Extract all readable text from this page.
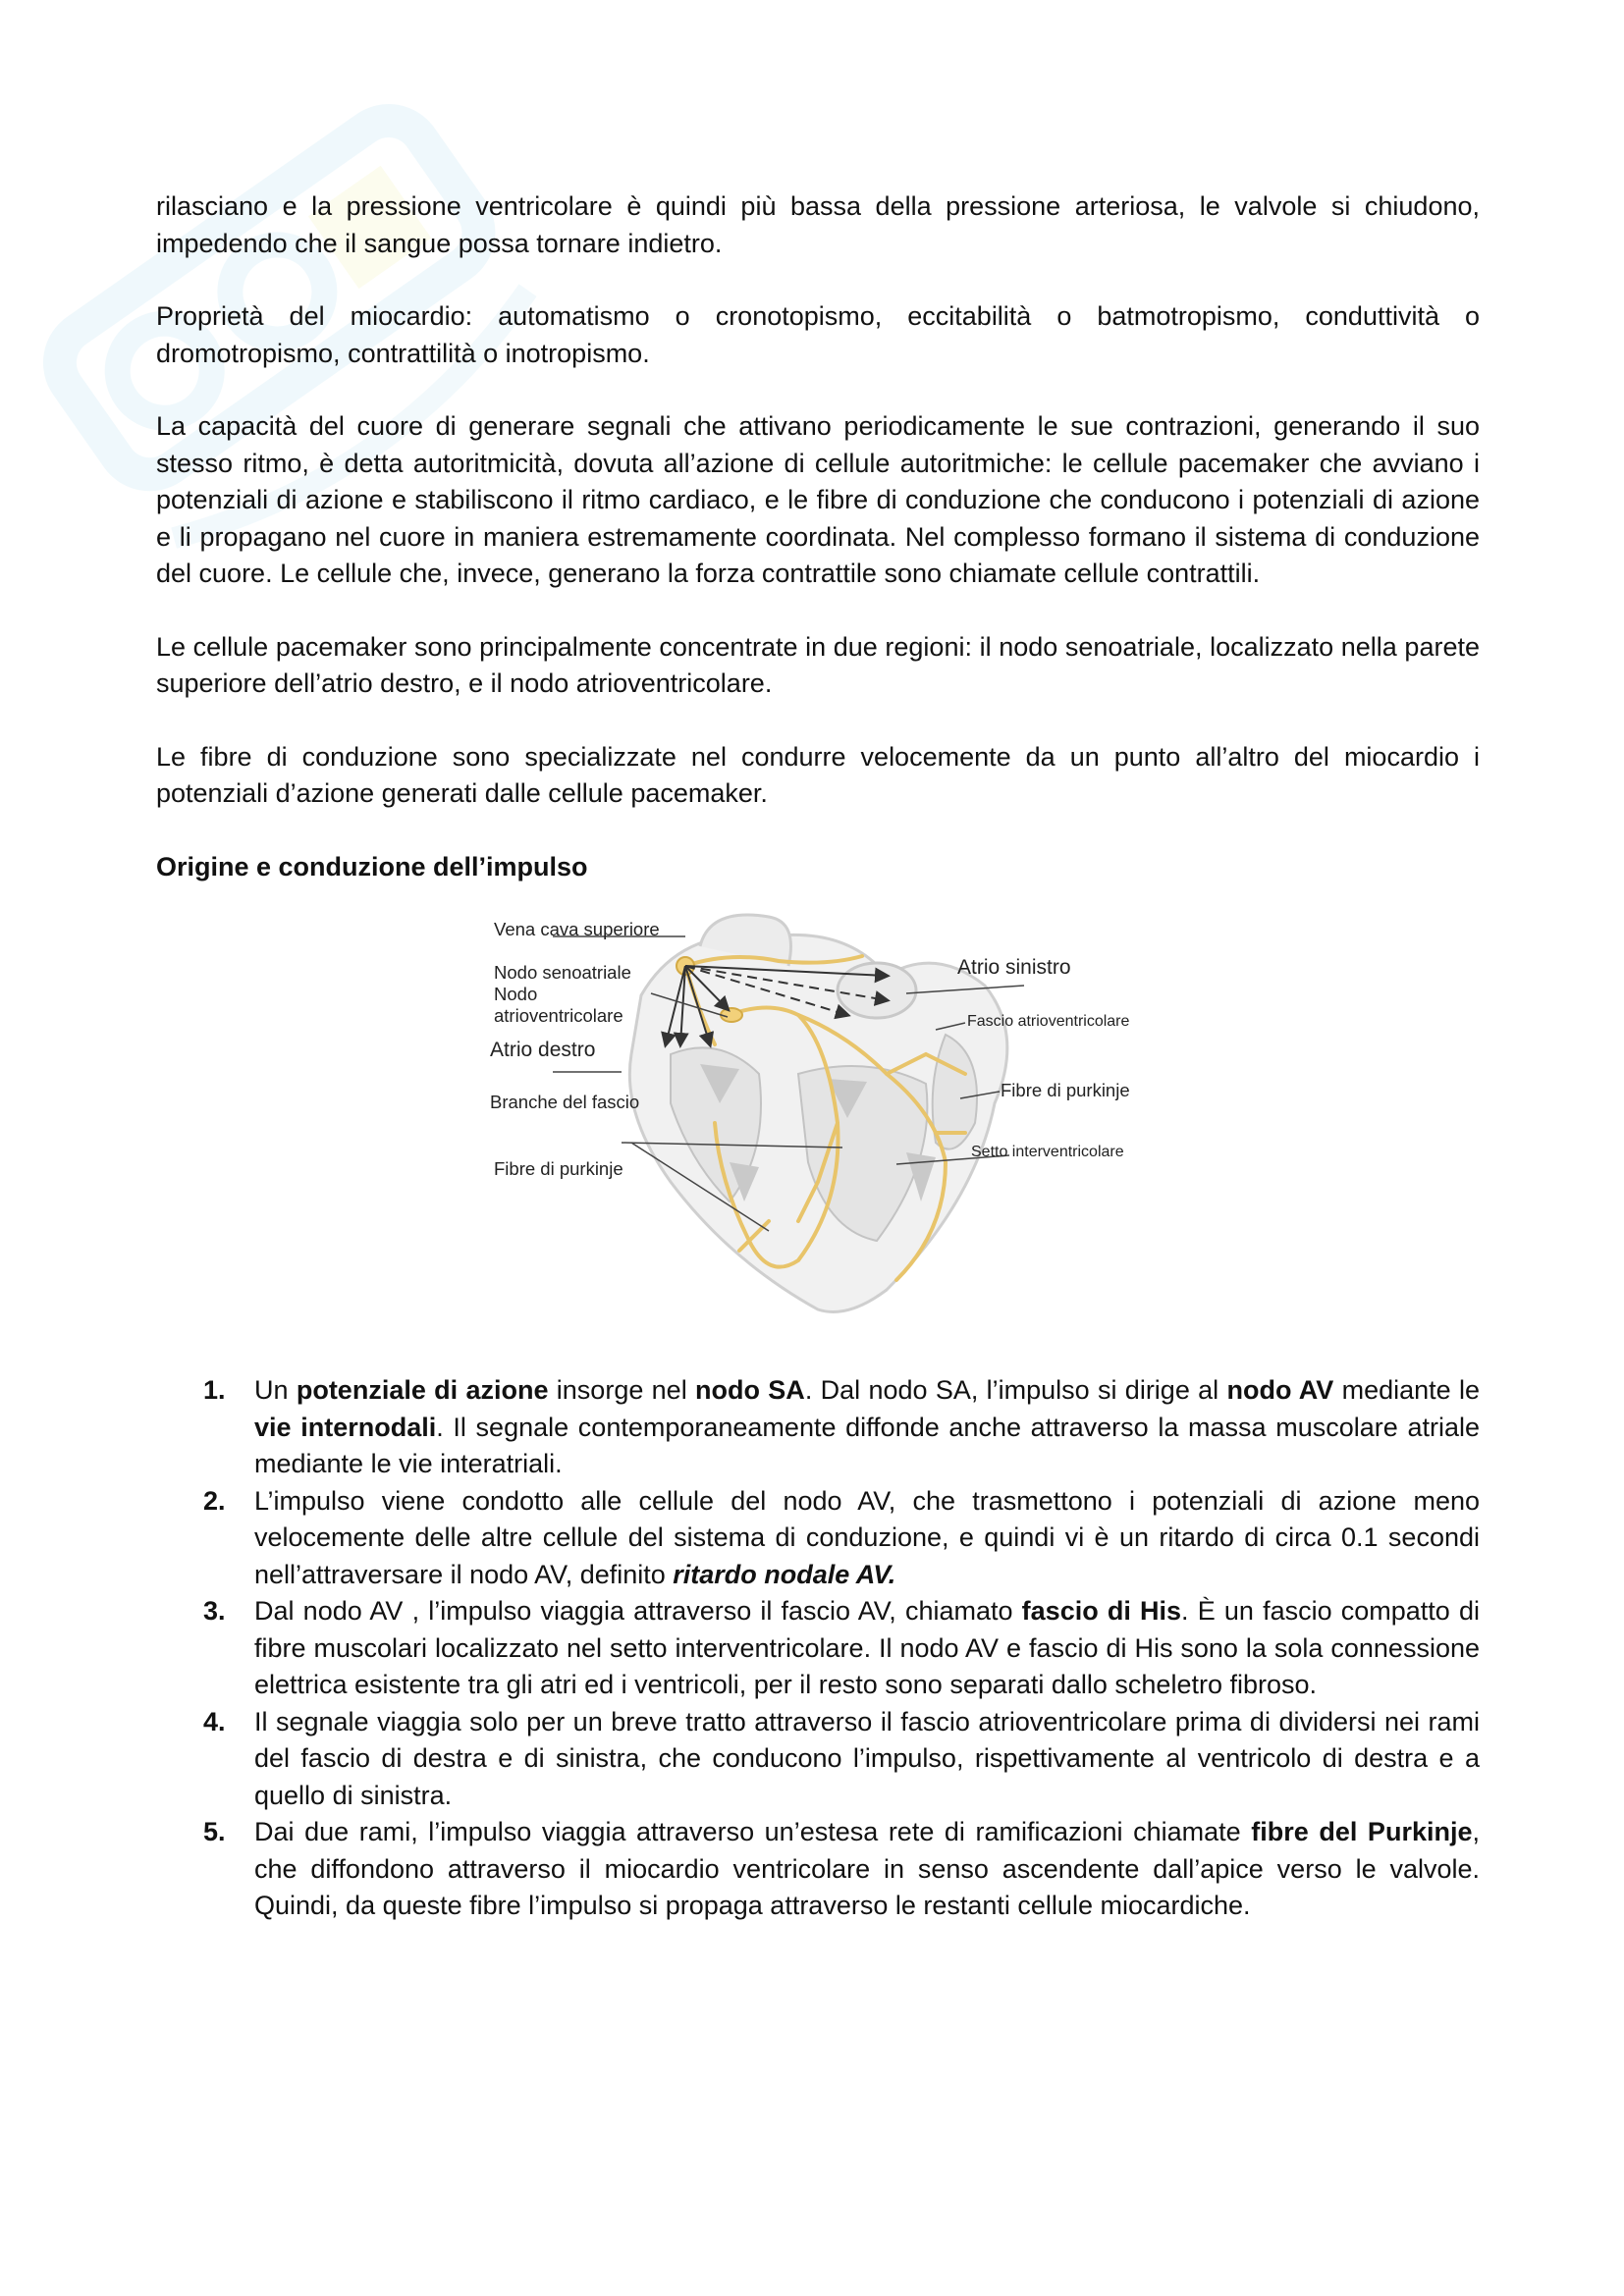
rilasciano e la pressione ventricolare è quindi più bassa della pressione arteriosa, le valvole si chiudono, impedendo che il sangue possa tornare indietro.

Proprietà del miocardio: automatismo o cronotopismo, eccitabilità o batmotropismo, conduttività o dromotropismo, contrattilità o inotropismo.

La capacità del cuore di generare segnali che attivano periodicamente le sue contrazioni, generando il suo stesso ritmo, è detta autoritmicità, dovuta all’azione di cellule autoritmiche: le cellule pacemaker che avviano i potenziali di azione e stabiliscono il ritmo cardiaco, e le fibre di conduzione che conducono i potenziali di azione e li propagano nel cuore in maniera estremamente coordinata. Nel complesso formano il sistema di conduzione del cuore. Le cellule che, invece, generano la forza contrattile sono chiamate cellule contrattili.

Le cellule pacemaker sono principalmente concentrate in due regioni: il nodo senoatriale, localizzato nella parete superiore dell’atrio destro, e il nodo atrioventricolare.

Le fibre di conduzione sono specializzate nel condurre velocemente da un punto all’altro del miocardio i potenziali d’azione generati dalle cellule pacemaker.

Origine e conduzione dell’impulso
Vena cava superiore
Nodo senoatriale
Nodo
atrioventricolare
Atrio destro
Branche del fascio
Fibre di purkinje
Atrio sinistro
Fascio atrioventricolare
Fibre di purkinje
Setto interventricolare
1. Un potenziale di azione insorge nel nodo SA. Dal nodo SA, l’impulso si dirige al nodo AV mediante le vie internodali. Il segnale contemporaneamente diffonde anche attraverso la massa muscolare atriale mediante le vie interatriali.
2. L’impulso viene condotto alle cellule del nodo AV, che trasmettono i potenziali di azione meno velocemente delle altre cellule del sistema di conduzione, e quindi vi è un ritardo di circa 0.1 secondi nell’attraversare il nodo AV, definito ritardo nodale AV.
3. Dal nodo AV , l’impulso viaggia attraverso il fascio AV, chiamato fascio di His. È un fascio compatto di fibre muscolari localizzato nel setto interventricolare. Il nodo AV e fascio di His sono la sola connessione elettrica esistente tra gli atri ed i ventricoli, per il resto sono separati dallo scheletro fibroso.
4. Il segnale viaggia solo per un breve tratto attraverso il fascio atrioventricolare prima di dividersi nei rami del fascio di destra e di sinistra, che conducono l’impulso, rispettivamente al ventricolo di destra e a quello di sinistra.
5. Dai due rami, l’impulso viaggia attraverso un’estesa rete di ramificazioni chiamate fibre del Purkinje, che diffondono attraverso il miocardio ventricolare in senso ascendente dall’apice verso le valvole. Quindi, da queste fibre l’impulso si propaga attraverso le restanti cellule miocardiche.
